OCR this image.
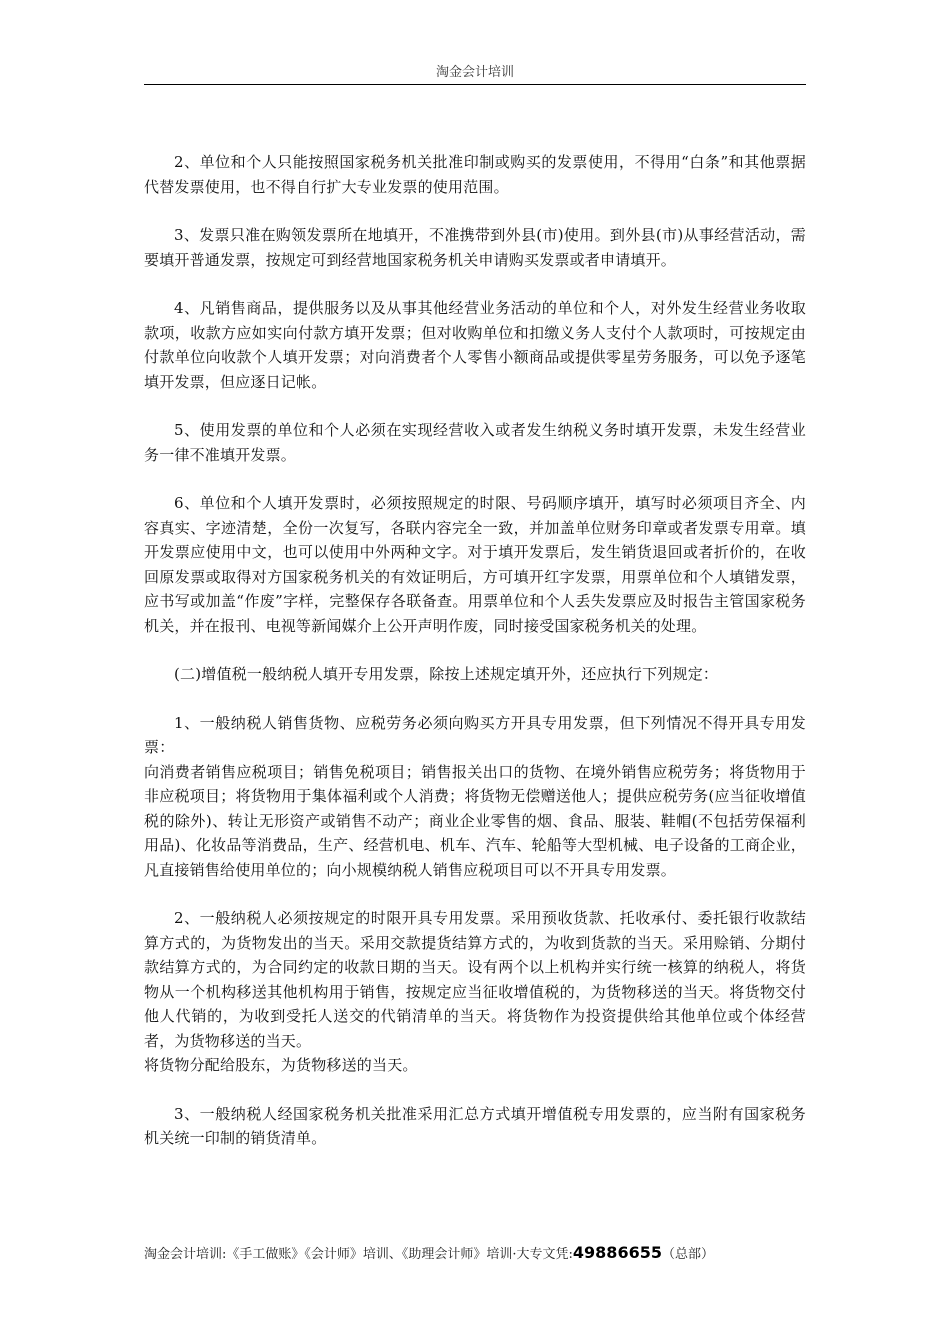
淘金会计培训

2、单位和个人只能按照国家税务机关批准印制或购买的发票使用，不得用“白条”和其他票据代替发票使用，也不得自行扩大专业发票的使用范围。

3、发票只准在购领发票所在地填开，不准携带到外县(市)使用。到外县(市)从事经营活动，需要填开普通发票，按规定可到经营地国家税务机关申请购买发票或者申请填开。

4、凡销售商品，提供服务以及从事其他经营业务活动的单位和个人，对外发生经营业务收取款项，收款方应如实向付款方填开发票；但对收购单位和扣缴义务人支付个人款项时，可按规定由付款单位向收款个人填开发票；对向消费者个人零售小额商品或提供零星劳务服务，可以免予逐笔填开发票，但应逐日记帐。

5、使用发票的单位和个人必须在实现经营收入或者发生纳税义务时填开发票，未发生经营业务一律不准填开发票。

6、单位和个人填开发票时，必须按照规定的时限、号码顺序填开，填写时必须项目齐全、内容真实、字迹清楚，全份一次复写，各联内容完全一致，并加盖单位财务印章或者发票专用章。填开发票应使用中文，也可以使用中外两种文字。对于填开发票后，发生销货退回或者折价的，在收回原发票或取得对方国家税务机关的有效证明后，方可填开红字发票，用票单位和个人填错发票，应书写或加盖“作废”字样，完整保存各联备查。用票单位和个人丢失发票应及时报告主管国家税务机关，并在报刊、电视等新闻媒介上公开声明作废，同时接受国家税务机关的处理。

(二)增值税一般纳税人填开专用发票，除按上述规定填开外，还应执行下列规定：

1、一般纳税人销售货物、应税劳务必须向购买方开具专用发票，但下列情况不得开具专用发票：

向消费者销售应税项目；销售免税项目；销售报关出口的货物、在境外销售应税劳务；将货物用于非应税项目；将货物用于集体福利或个人消费；将货物无偿赠送他人；提供应税劳务(应当征收增值税的除外)、转让无形资产或销售不动产；商业企业零售的烟、食品、服装、鞋帽(不包括劳保福利用品)、化妆品等消费品，生产、经营机电、机车、汽车、轮船等大型机械、电子设备的工商企业，凡直接销售给使用单位的；向小规模纳税人销售应税项目可以不开具专用发票。

2、一般纳税人必须按规定的时限开具专用发票。采用预收货款、托收承付、委托银行收款结算方式的，为货物发出的当天。采用交款提货结算方式的，为收到货款的当天。采用赊销、分期付款结算方式的，为合同约定的收款日期的当天。设有两个以上机构并实行统一核算的纳税人，将货物从一个机构移送其他机构用于销售，按规定应当征收增值税的，为货物移送的当天。将货物交付他人代销的，为收到受托人送交的代销清单的当天。将货物作为投资提供给其他单位或个体经营者，为货物移送的当天。

将货物分配给股东，为货物移送的当天。

3、一般纳税人经国家税务机关批准采用汇总方式填开增值税专用发票的，应当附有国家税务机关统一印制的销货清单。

淘金会计培训:《手工做账》《会计师》培训、《助理会计师》培训·大专文凭:49886655（总部）
